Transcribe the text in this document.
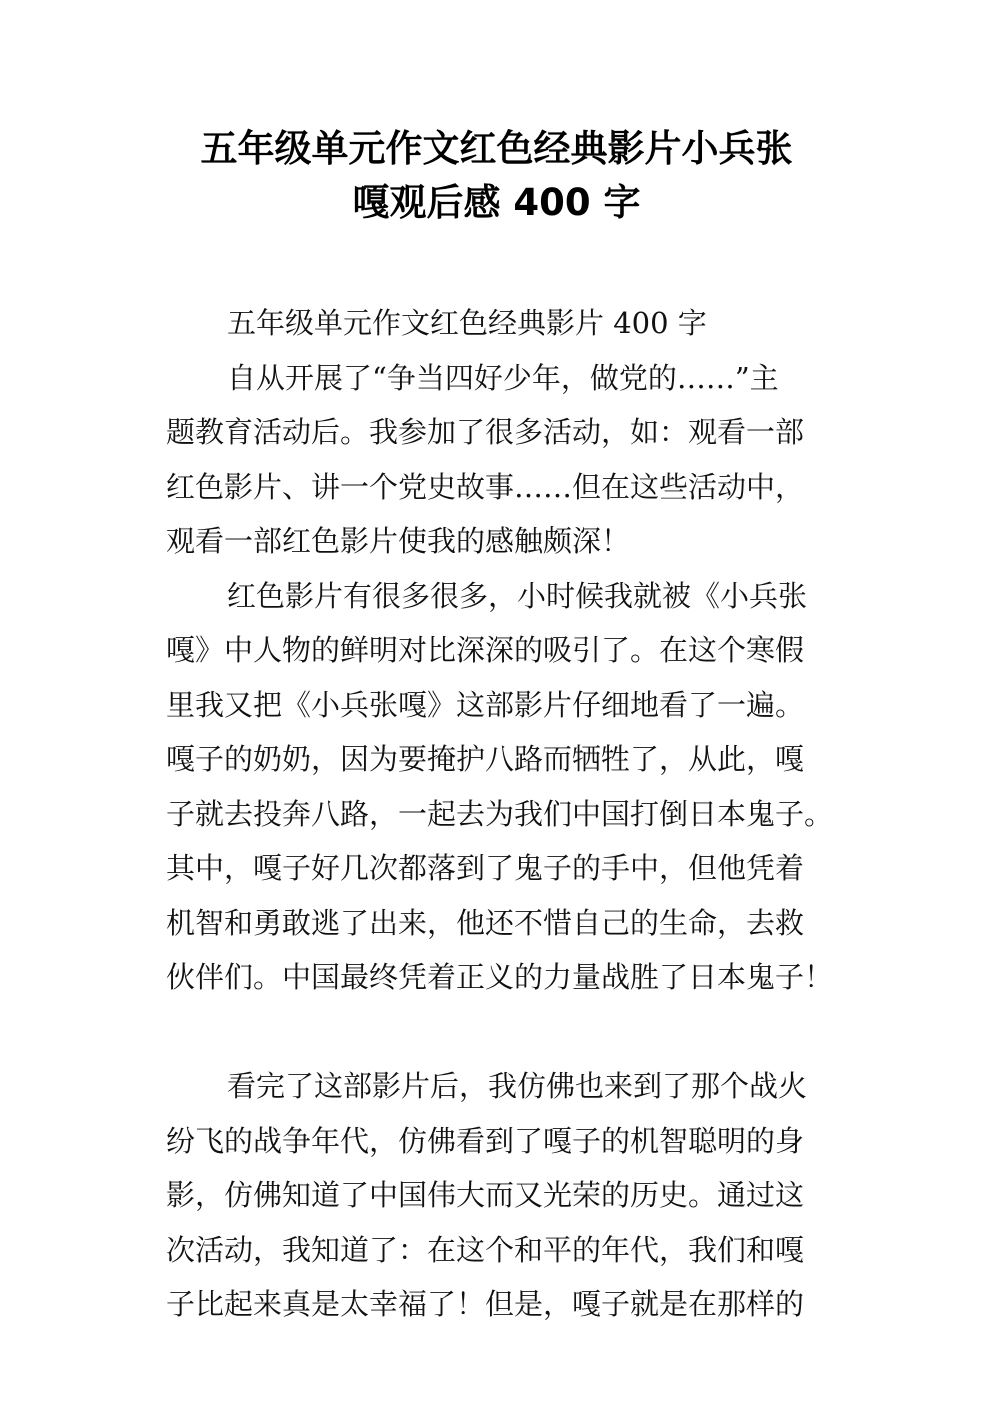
五年级单元作文红色经典影片小兵张
嘎观后感 400 字
五年级单元作文红色经典影片 400 字
自从开展了“争当四好少年，做党的……”主
题教育活动后。我参加了很多活动，如：观看一部
红色影片、讲一个党史故事……但在这些活动中，
观看一部红色影片使我的感触颇深！
红色影片有很多很多，小时候我就被《小兵张
嘎》中人物的鲜明对比深深的吸引了。在这个寒假
里我又把《小兵张嘎》这部影片仔细地看了一遍。
嘎子的奶奶，因为要掩护八路而牺牲了，从此，嘎
子就去投奔八路，一起去为我们中国打倒日本鬼子。
其中，嘎子好几次都落到了鬼子的手中，但他凭着
机智和勇敢逃了出来，他还不惜自己的生命，去救
伙伴们。中国最终凭着正义的力量战胜了日本鬼子！
看完了这部影片后，我仿佛也来到了那个战火
纷飞的战争年代，仿佛看到了嘎子的机智聪明的身
影，仿佛知道了中国伟大而又光荣的历史。通过这
次活动，我知道了：在这个和平的年代，我们和嘎
子比起来真是太幸福了！但是，嘎子就是在那样的
